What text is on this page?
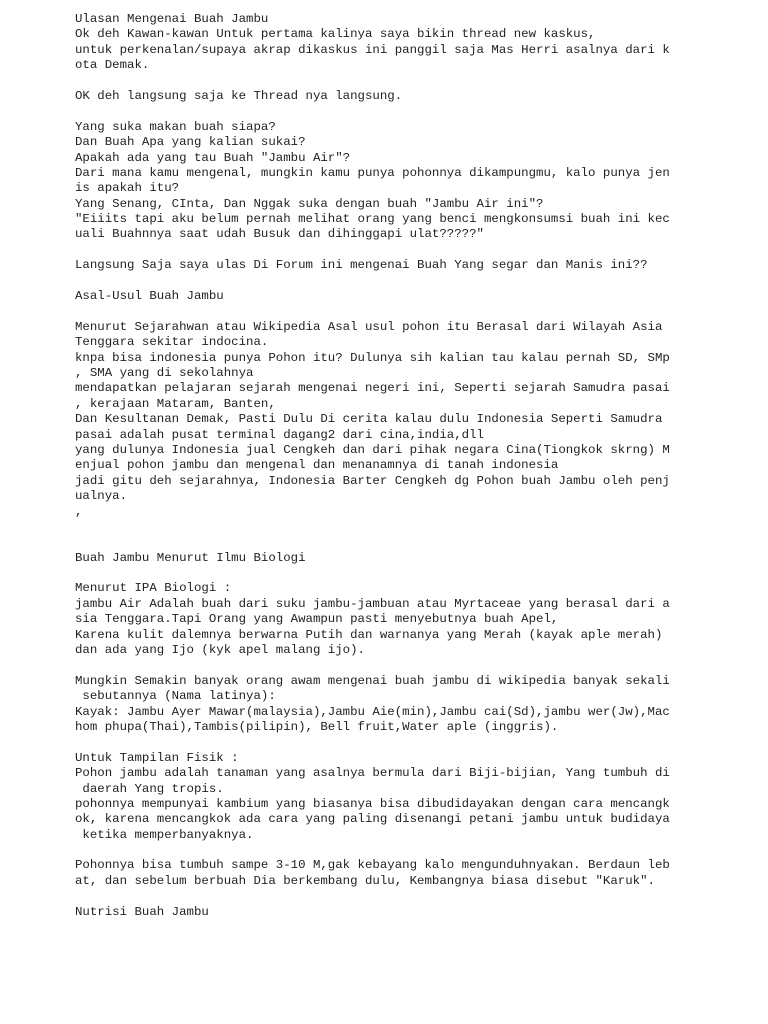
Ulasan Mengenai Buah Jambu
Ok deh Kawan-kawan Untuk pertama kalinya saya bikin thread new kaskus,
untuk perkenalan/supaya akrap dikaskus ini panggil saja Mas Herri asalnya dari k
ota Demak.
OK deh langsung saja ke Thread nya langsung.
Yang suka makan buah siapa?
Dan Buah Apa yang kalian sukai?
Apakah ada yang tau Buah "Jambu Air"?
Dari mana kamu mengenal, mungkin kamu punya pohonnya dikampungmu, kalo punya jen
is apakah itu?
Yang Senang, CInta, Dan Nggak suka dengan buah "Jambu Air ini"?
"Eiiits tapi aku belum pernah melihat orang yang benci mengkonsumsi buah ini kec
uali Buahnnya saat udah Busuk dan dihinggapi ulat?????"
Langsung Saja saya ulas Di Forum ini mengenai Buah Yang segar dan Manis ini??
Asal-Usul Buah Jambu
Menurut Sejarahwan atau Wikipedia Asal usul pohon itu Berasal dari Wilayah Asia
Tenggara sekitar indocina.
knpa bisa indonesia punya Pohon itu? Dulunya sih kalian tau kalau pernah SD, SMp
, SMA yang di sekolahnya
mendapatkan pelajaran sejarah mengenai negeri ini, Seperti sejarah Samudra pasai
, kerajaan Mataram, Banten,
Dan Kesultanan Demak, Pasti Dulu Di cerita kalau dulu Indonesia Seperti Samudra
pasai adalah pusat terminal dagang2 dari cina,india,dll
yang dulunya Indonesia jual Cengkeh dan dari pihak negara Cina(Tiongkok skrng) M
enjual pohon jambu dan mengenal dan menanamnya di tanah indonesia
jadi gitu deh sejarahnya, Indonesia Barter Cengkeh dg Pohon buah Jambu oleh penj
ualnya.
,
Buah Jambu Menurut Ilmu Biologi
Menurut IPA Biologi :
jambu Air Adalah buah dari suku jambu-jambuan atau Myrtaceae yang berasal dari a
sia Tenggara.Tapi Orang yang Awampun pasti menyebutnya buah Apel,
Karena kulit dalemnya berwarna Putih dan warnanya yang Merah (kayak aple merah)
dan ada yang Ijo (kyk apel malang ijo).
Mungkin Semakin banyak orang awam mengenai buah jambu di wikipedia banyak sekali
sebutannya (Nama latinya):
Kayak: Jambu Ayer Mawar(malaysia),Jambu Aie(min),Jambu cai(Sd),jambu wer(Jw),Mac
hom phupa(Thai),Tambis(pilipin), Bell fruit,Water aple (inggris).
Untuk Tampilan Fisik :
Pohon jambu adalah tanaman yang asalnya bermula dari Biji-bijian, Yang tumbuh di
daerah Yang tropis.
pohonnya mempunyai kambium yang biasanya bisa dibudidayakan dengan cara mencangk
ok, karena mencangkok ada cara yang paling disenangi petani jambu untuk budidaya
ketika memperbanyaknya.
Pohonnya bisa tumbuh sampe 3-10 M,gak kebayang kalo mengunduhnyakan. Berdaun leb
at, dan sebelum berbuah Dia berkembang dulu, Kembangnya biasa disebut "Karuk".
Nutrisi Buah Jambu
